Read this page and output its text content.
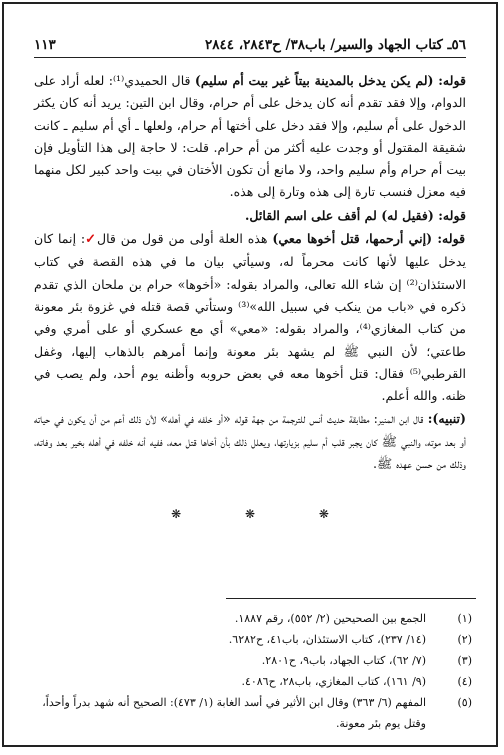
٥٦ـ كتاب الجهاد والسير/ باب٣٨/ ح٢٨٤٣، ٢٨٤٤
١١٣

قوله: (لم يكن يدخل بالمدينة بيتاً غير بيت أم سليم) قال الحميدي⁽¹⁾: لعله أراد على الدوام، وإلا فقد تقدم أنه كان يدخل على أم حرام، وقال ابن التين: يريد أنه كان يكثر الدخول على أم سليم، وإلا فقد دخل على أختها أم حرام، ولعلها ـ أي أم سليم ـ كانت شقيقة المقتول أو وجدت عليه أكثر من أم حرام. قلت: لا حاجة إلى هذا التأويل فإن بيت أم حرام وأم سليم واحد، ولا مانع أن تكون الأختان في بيت واحد كبير لكل منهما فيه معزل فنسب تارة إلى هذه وتارة إلى هذه.

قوله: (فقيل له) لم أقف على اسم القائل.

قوله: (إني أرحمها، قتل أخوها معي) هذه العلة أولى من قول من قال✓: إنما كان يدخل عليها لأنها كانت محرماً له، وسيأتي بيان ما في هذه القصة في كتاب الاستئذان⁽²⁾ إن شاء الله تعالى، والمراد بقوله: «أخوها» حرام بن ملحان الذي تقدم ذكره في «باب من ينكب في سبيل الله»⁽³⁾ وستأتي قصة قتله في غزوة بئر معونة من كتاب المغازي⁽⁴⁾، والمراد بقوله: «معي» أي مع عسكري أو على أمري وفي طاعتي؛ لأن النبي ﷺ لم يشهد بئر معونة وإنما أمرهم بالذهاب إليها، وغفل القرطبي⁽⁵⁾ فقال: قتل أخوها معه في بعض حروبه وأظنه يوم أحد، ولم يصب في ظنه. والله أعلم.

(تنبيه): قال ابن المنير: مطابقة حديث أنس للترجمة من جهة قوله «أو خلفه في أهله» لأن ذلك أعم من أن يكون في حياته أو بعد موته، والنبي ﷺ كان يجبر قلب أم سليم بزيارتها، ويعلل ذلك بأن أخاها قتل معه، ففيه أنه خلفه في أهله بخير بعد وفاته، وذلك من حسن عهده ﷺ.

❋ ❋ ❋
(١)
الجمع بين الصحيحين (٢/ ٥٥٢)، رقم ١٨٨٧.
(٢)
(١٤/ ٢٣٧)، كتاب الاستئذان، باب٤١، ح٦٢٨٢.
(٣)
(٧/ ٦٢)، كتاب الجهاد، باب٩، ح٢٨٠١.
(٤)
(٩/ ١٦١)، كتاب المغازي، باب٢٨، ح٤٠٨٦.
(٥)
المفهم (٦/ ٣٦٣) وقال ابن الأثير في أسد الغابة (١/ ٤٧٣): الصحيح أنه شهد بدراً وأحداً، وقتل يوم بئر معونة.
